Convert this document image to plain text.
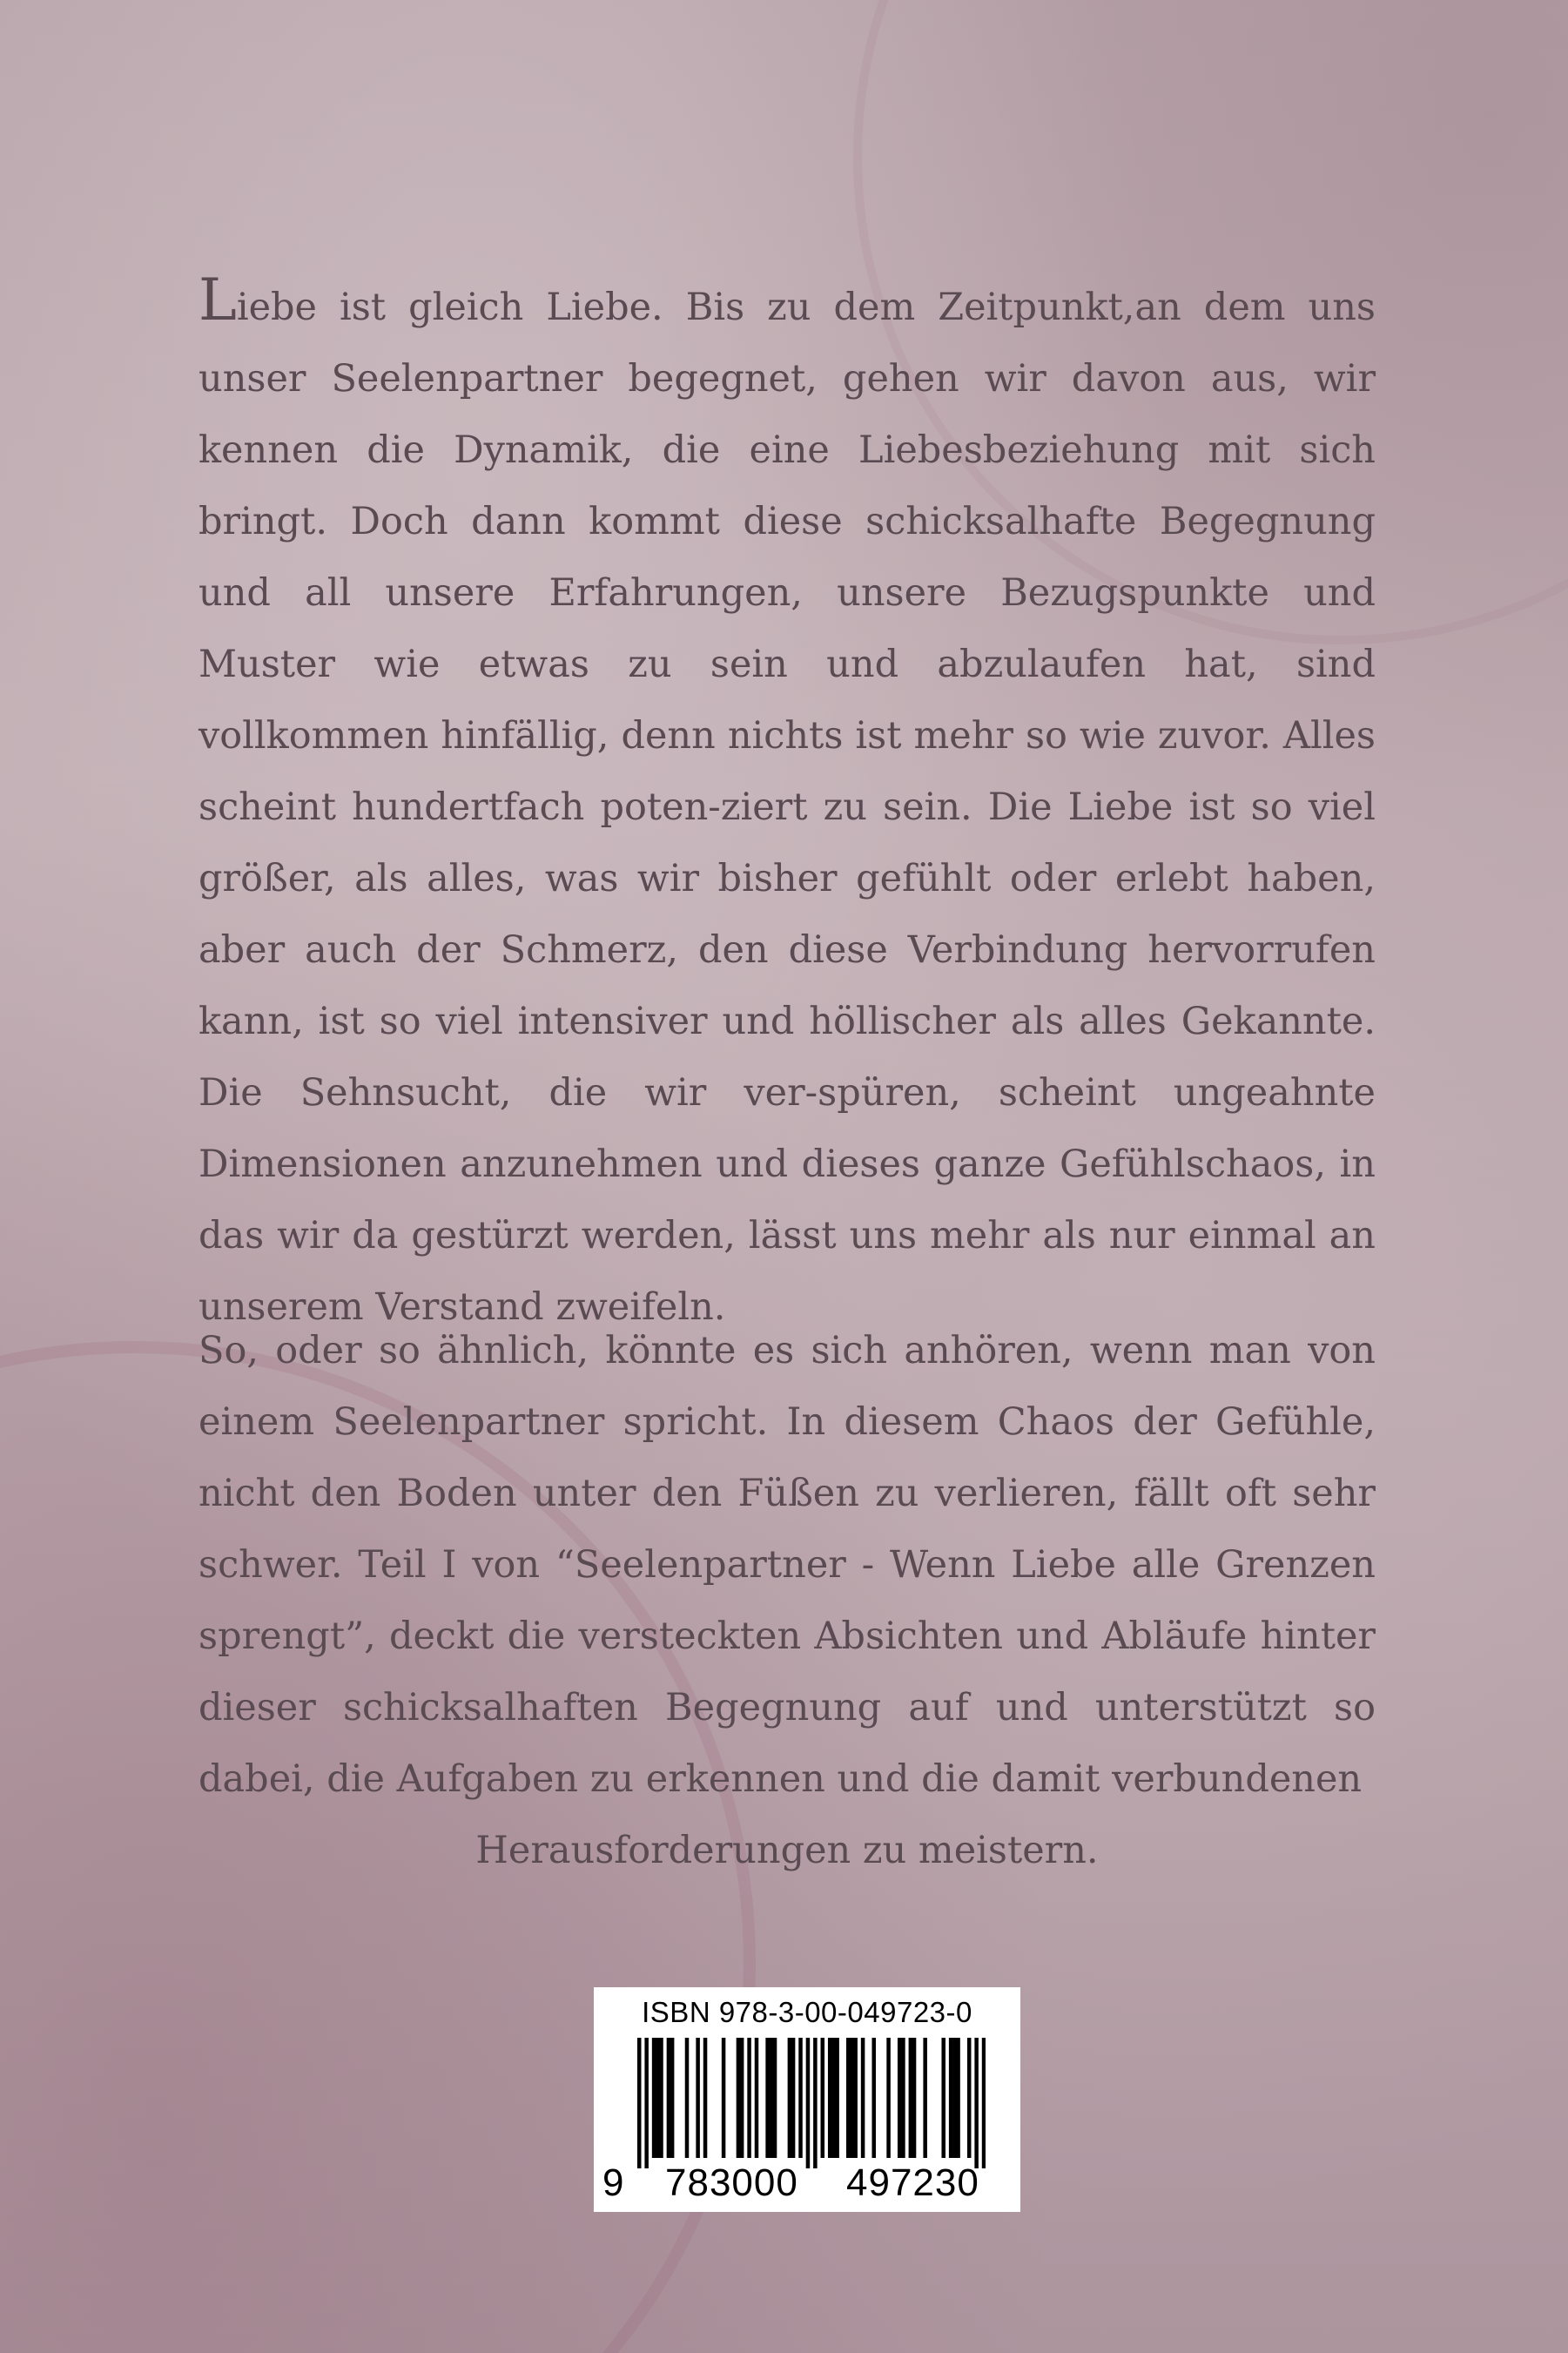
Liebe ist gleich Liebe. Bis zu dem Zeitpunkt,an dem uns unser Seelenpartner begegnet, gehen wir davon aus, wir kennen die Dynamik, die eine Liebesbeziehung mit sich bringt. Doch dann kommt diese schicksalhafte Begegnung und all unsere Erfahrungen, unsere Bezugspunkte und Muster wie etwas zu sein und abzulaufen hat, sind vollkommen hinfällig, denn nichts ist mehr so wie zuvor. Alles scheint hundertfach poten-ziert zu sein. Die Liebe ist so viel größer, als alles, was wir bisher gefühlt oder erlebt haben, aber auch der Schmerz, den diese Verbindung hervorrufen kann, ist so viel intensiver und höllischer als alles Gekannte. Die Sehnsucht, die wir ver-spüren, scheint ungeahnte Dimensionen anzunehmen und dieses ganze Gefühlschaos, in das wir da gestürzt werden, lässt uns mehr als nur einmal an unserem Verstand zweifeln.
So, oder so ähnlich, könnte es sich anhören, wenn man von einem Seelenpartner spricht. In diesem Chaos der Gefühle, nicht den Boden unter den Füßen zu verlieren, fällt oft sehr schwer. Teil I von “Seelenpartner - Wenn Liebe alle Grenzen sprengt”, deckt die versteckten Absichten und Abläufe hinter dieser schicksalhaften Begegnung auf und unterstützt so dabei, die Aufgaben zu erkennen und die damit verbundenen
Herausforderungen zu meistern.
ISBN 978-3-00-049723-0
9 783000 497230
